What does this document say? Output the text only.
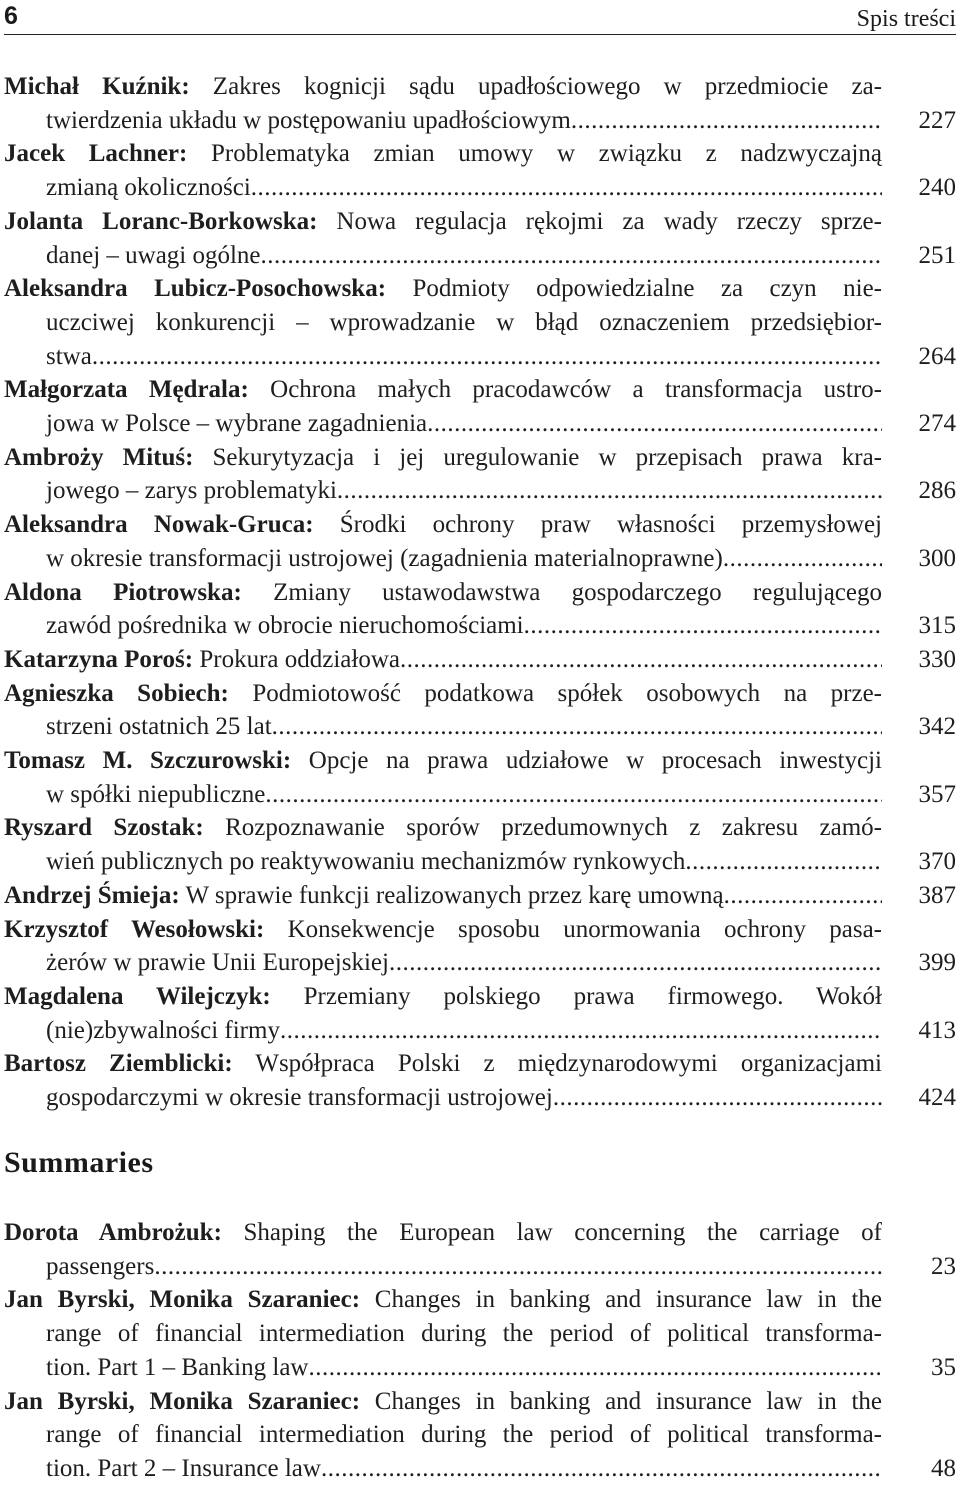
6	Spis treści
Michał Kuźnik: Zakres kognicji sądu upadłościowego w przedmiocie za-
twierdzenia układu w postępowaniu upadłościowym .....	227
Jacek Lachner: Problematyka zmian umowy w związku z nadzwyczajną
zmianą okoliczności .....	240
Jolanta Loranc-Borkowska: Nowa regulacja rękojmi za wady rzeczy sprze-
danej – uwagi ogólne .....	251
Aleksandra Lubicz-Posochowska: Podmioty odpowiedzialne za czyn nie-
uczciwej konkurencji – wprowadzanie w błąd oznaczeniem przedsiębior-
stwa .....	264
Małgorzata Mędrala: Ochrona małych pracodawców a transformacja ustro-
jowa w Polsce – wybrane zagadnienia .....	274
Ambroży Mituś: Sekurytyzacja i jej uregulowanie w przepisach prawa kra-
jowego – zarys problematyki .....	286
Aleksandra Nowak-Gruca: Środki ochrony praw własności przemysłowej
w okresie transformacji ustrojowej (zagadnienia materialnoprawne) .....	300
Aldona Piotrowska: Zmiany ustawodawstwa gospodarczego regulującego
zawód pośrednika w obrocie nieruchomościami .....	315
Katarzyna Poroś: Prokura oddziałowa .....	330
Agnieszka Sobiech: Podmiotowość podatkowa spółek osobowych na prze-
strzeni ostatnich 25 lat .....	342
Tomasz M. Szczurowski: Opcje na prawa udziałowe w procesach inwestycji
w spółki niepubliczne .....	357
Ryszard Szostak: Rozpoznawanie sporów przedumownych z zakresu zamó-
wień publicznych po reaktywowaniu mechanizmów rynkowych .....	370
Andrzej Śmieja: W sprawie funkcji realizowanych przez karę umowną .....	387
Krzysztof Wesołowski: Konsekwencje sposobu unormowania ochrony pasa-
żerów w prawie Unii Europejskiej .....	399
Magdalena Wilejczyk: Przemiany polskiego prawa firmowego. Wokół
(nie)zbywalności firmy .....	413
Bartosz Ziemblicki: Współpraca Polski z międzynarodowymi organizacjami
gospodarczymi w okresie transformacji ustrojowej .....	424
Summaries
Dorota Ambrożuk: Shaping the European law concerning the carriage of
passengers .....	23
Jan Byrski, Monika Szaraniec: Changes in banking and insurance law in the
range of financial intermediation during the period of political transforma-
tion. Part 1 – Banking law .....	35
Jan Byrski, Monika Szaraniec: Changes in banking and insurance law in the
range of financial intermediation during the period of political transforma-
tion. Part 2 – Insurance law .....	48
